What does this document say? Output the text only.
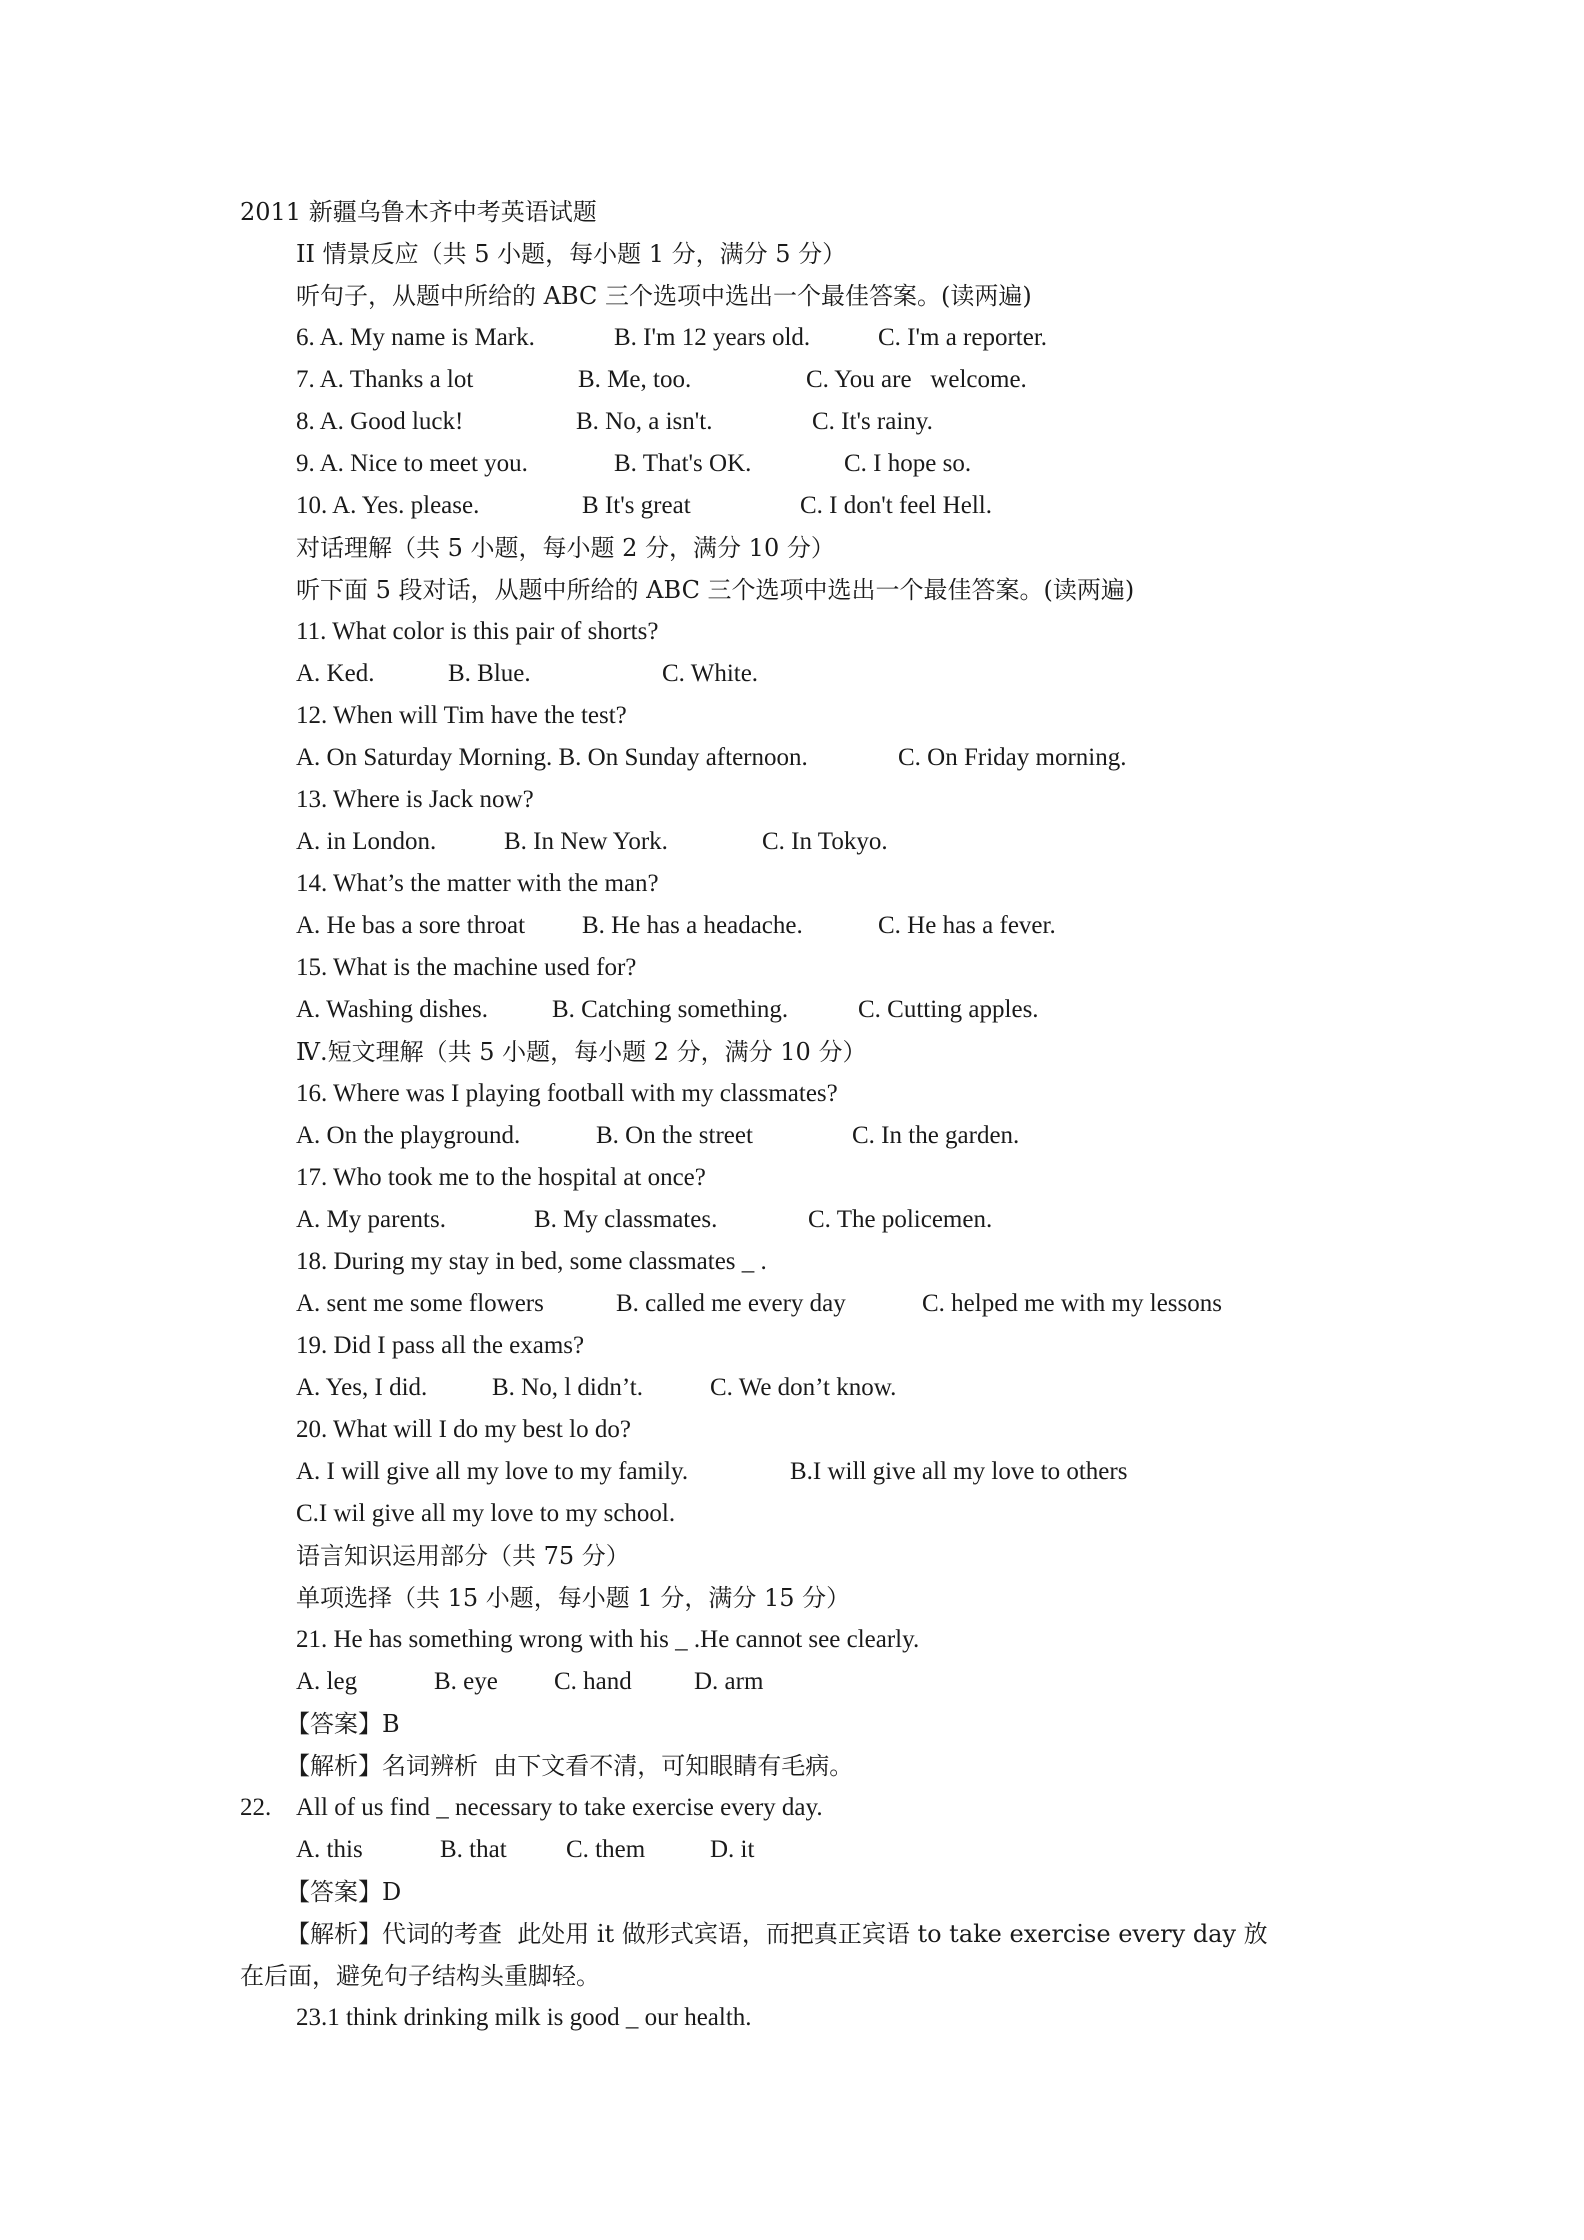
2011 新疆乌鲁木齐中考英语试题
II 情景反应（共 5 小题，每小题 1 分，满分 5 分）
听句子，从题中所给的 ABC 三个选项中选出一个最佳答案。(读两遍)
6. A. My name is Mark.	B. I'm 12 years old.	C. I'm a reporter.
7. A. Thanks a lot	B. Me, too.	C. You are   welcome.
8. A. Good luck!	B. No, a isn't.	C. It's rainy.
9. A. Nice to meet you.	B. That's OK.	C. I hope so.
10. A. Yes. please.	B It's great	C. I don't feel Hell.
对话理解（共 5 小题，每小题 2 分，满分 10 分）
听下面 5 段对话，从题中所给的 ABC 三个选项中选出一个最佳答案。(读两遍)
11. What color is this pair of shorts?
A. Ked.	B. Blue.	C. White.
12. When will Tim have the test?
A. On Saturday Morning. B. On Sunday afternoon.	C. On Friday morning.
13. Where is Jack now?
A. in London.	B. In New York.	C. In Tokyo.
14. What’s the matter with the man?
A. He bas a sore throat B. He has a headache.	C. He has a fever.
15. What is the machine used for?
A. Washing dishes.	B. Catching something.	C. Cutting apples.
Ⅳ.短文理解（共 5 小题，每小题 2 分，满分 10 分）
16. Where was I playing football with my classmates?
A. On the playground.	B. On the street	C. In the garden.
17. Who took me to the hospital at once?
A. My parents.	B. My classmates.	C. The policemen.
18. During my stay in bed, some classmates _ .
A. sent me some flowers	B. called me every day	C. helped me with my lessons
19. Did I pass all the exams?
A. Yes, I did.	B. No, l didn’t.	C. We don’t know.
20. What will I do my best lo do?
A. I will give all my love to my family.	B.I will give all my love to others
C.I wil give all my love to my school.
语言知识运用部分（共 75 分）
单项选择（共 15 小题，每小题 1 分，满分 15 分）
21. He has something wrong with his _ .He cannot see clearly.
A. leg	B. eye C. hand D. arm
【答案】B
【解析】名词辨析  由下文看不清，可知眼睛有毛病。
22. All of us find _ necessary to take exercise every day.
A. this	B. that C. them	D. it
【答案】D
【解析】代词的考查  此处用 it 做形式宾语，而把真正宾语 to take exercise every day 放
在后面，避免句子结构头重脚轻。
23.1 think drinking milk is good _ our health.
